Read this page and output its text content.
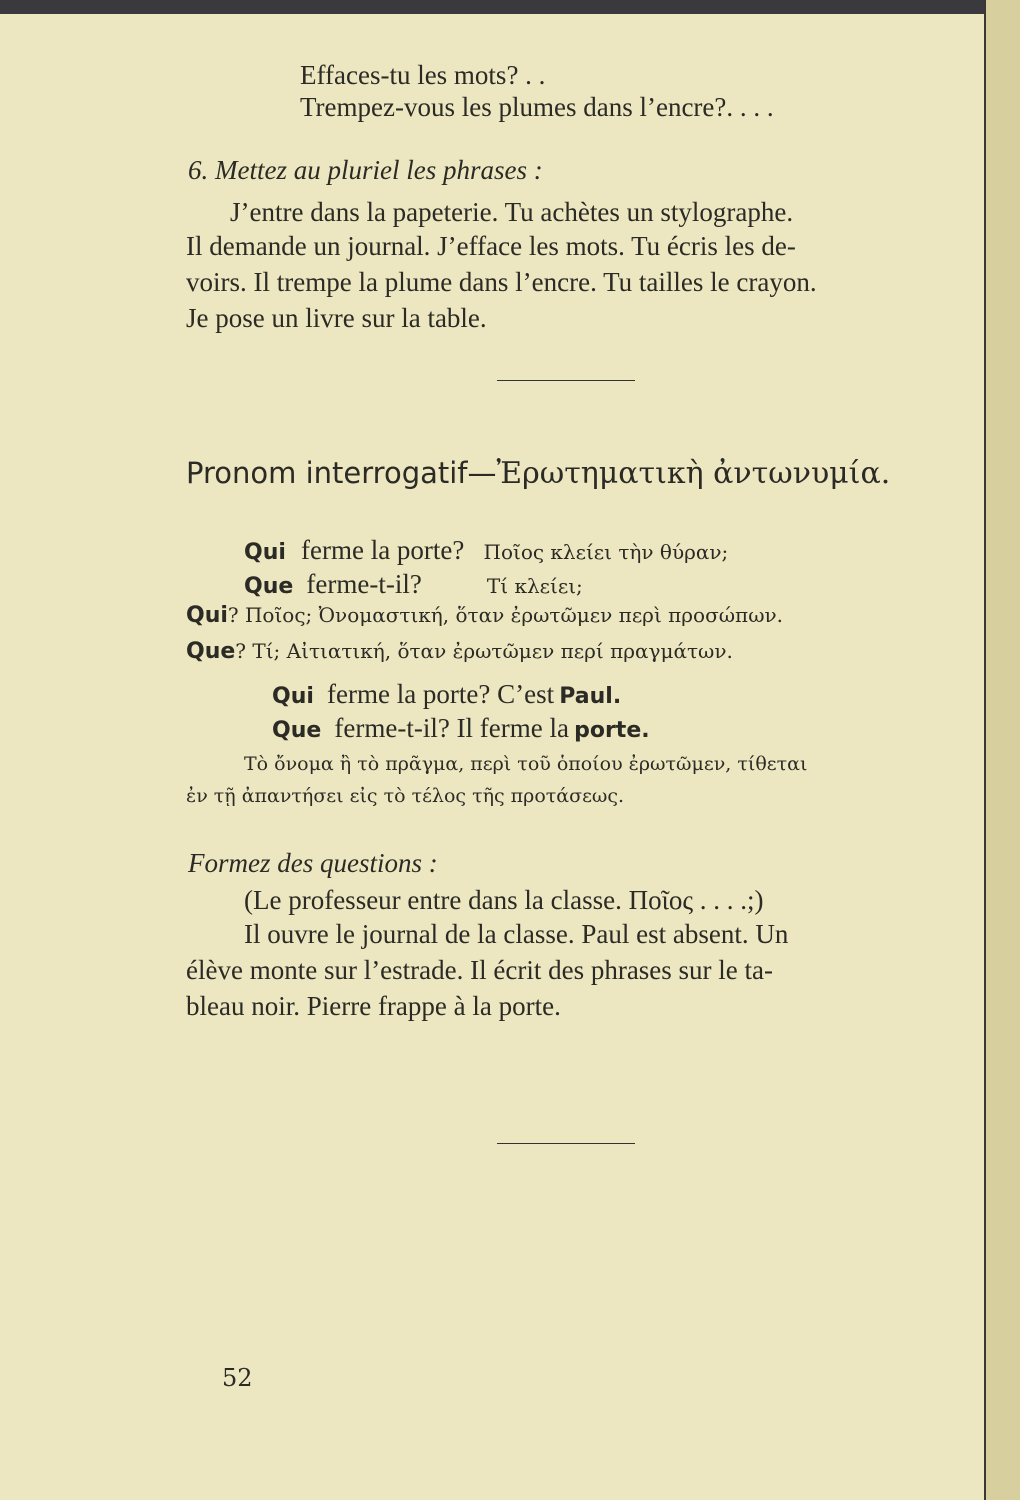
Effaces-tu les mots? . .
Trempez-vous les plumes dans l’encre?. . . .
6. Mettez au pluriel les phrases :
J’entre dans la papeterie. Tu achètes un stylographe.
Il demande un journal. J’efface les mots. Tu écris les de-
voirs. Il trempe la plume dans l’encre. Tu tailles le crayon.
Je pose un livre sur la table.
Pronom interrogatif—Ἐρωτηματικὴ ἀντωνυμία.
Qui ferme la porte? Ποῖος κλείει τὴν θύραν;
Que ferme-t-il?	Τί κλείει;
Qui? Ποῖος; Ὀνομαστική, ὅταν ἐρωτῶμεν περὶ προσώπων.
Que? Τί; Αἰτιατική, ὅταν ἐρωτῶμεν περί πραγμάτων.
Qui ferme la porte? C’est Paul.
Que ferme-t-il? Il ferme la porte.
Τὸ ὄνομα ἢ τὸ πρᾶγμα, περὶ τοῦ ὁποίου ἐρωτῶμεν, τίθεται
ἐν τῇ ἀπαντήσει εἰς τὸ τέλος τῆς προτάσεως.
Formez des questions :
(Le professeur entre dans la classe. Ποῖος . . . .;)
Il ouvre le journal de la classe. Paul est absent. Un
élève monte sur l’estrade. Il écrit des phrases sur le ta-
bleau noir. Pierre frappe à la porte.
52
